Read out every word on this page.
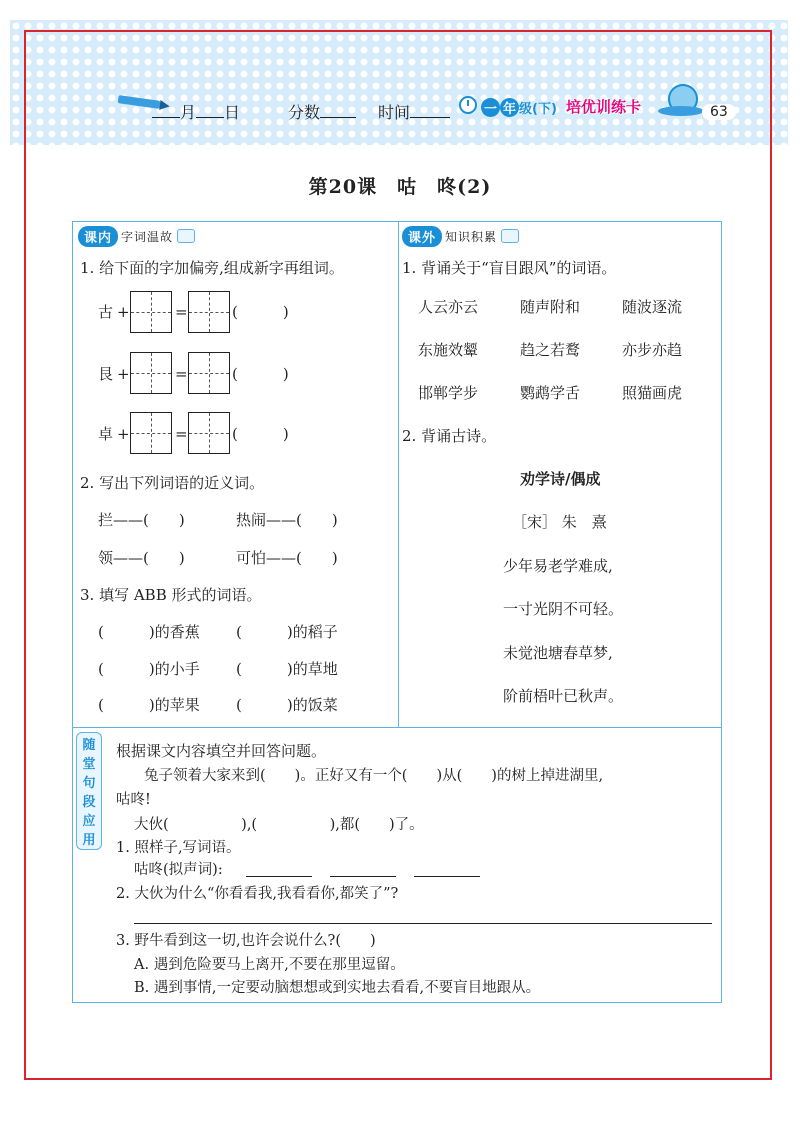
月 日	分数	时间	一 年 级(下) 培优训练卡	63
第20课　咕　咚(2)
课内 字词温故
1. 给下面的字加偏旁,组成新字再组词。
古 +	=	(　　　)
艮 +	=	(　　　)
卓 +	=	(　　　)
2. 写出下列词语的近义词。
拦——(　　)	热闹——(　　)
领——(　　)	可怕——(　　)
3. 填写 ABB 形式的词语。
(　　　)的香蕉 (　　　)的稻子
(　　　)的小手 (　　　)的草地
(　　　)的苹果 (　　　)的饭菜
课外 知识积累
1. 背诵关于“盲目跟风”的词语。
人云亦云	随声附和	随波逐流
东施效颦	趋之若鹜	亦步亦趋
邯郸学步	鹦鹉学舌	照猫画虎
2. 背诵古诗。
劝学诗/偶成
［宋］ 朱　熹
少年易老学难成,
一寸光阴不可轻。
未觉池塘春草梦,
阶前梧叶已秋声。
随
堂
句
段
应
用
根据课文内容填空并回答问题。
兔子领着大家来到(　　)。正好又有一个(　　)从(　　)的树上掉进湖里,
咕咚!
大伙(　　　　　),(　　　　　),都(　　)了。
1. 照样子,写词语。
咕咚(拟声词):
2. 大伙为什么“你看看我,我看看你,都笑了”?
3. 野牛看到这一切,也许会说什么?(　　)
A. 遇到危险要马上离开,不要在那里逗留。
B. 遇到事情,一定要动脑想想或到实地去看看,不要盲目地跟从。
